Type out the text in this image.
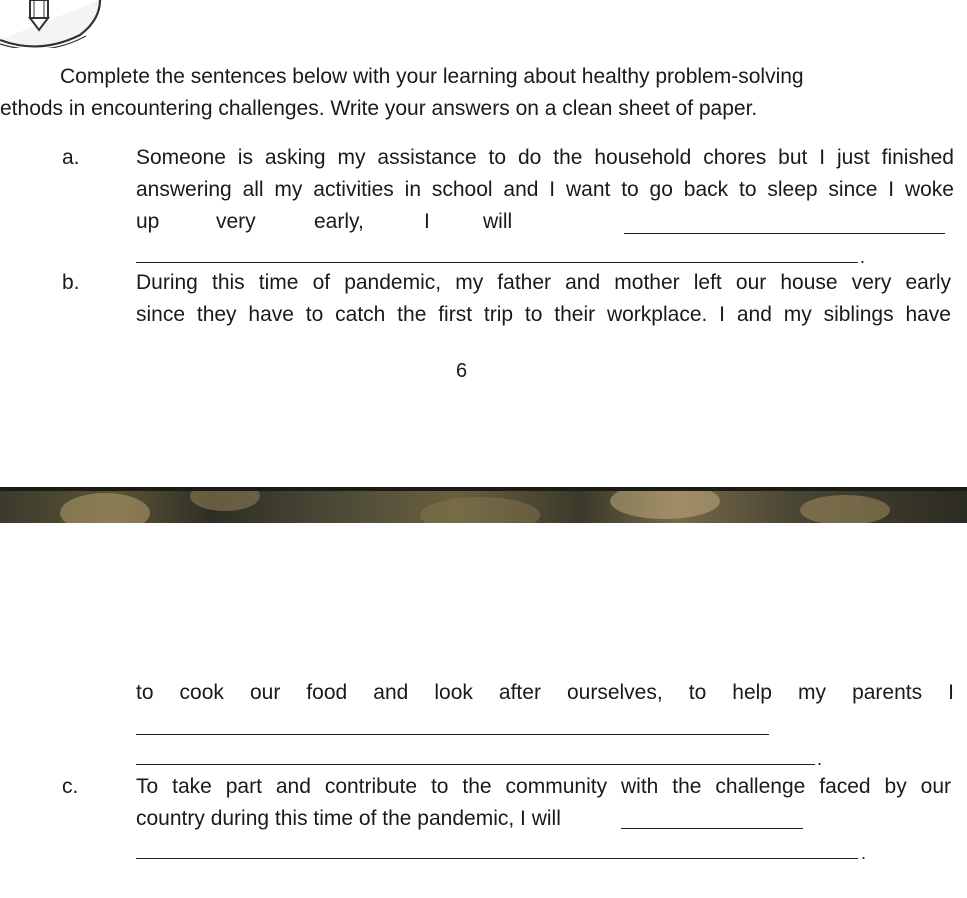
Complete the sentences below with your learning about healthy problem-solving
ethods in encountering challenges. Write your answers on a clean sheet of paper.
a.	Someone is asking my assistance to do the household chores but I just finished
answering all my activities in school and I want to go back to sleep since I woke
up	very	early,	I	will
.
b.	During this time of pandemic, my father and mother left our house very early
since they have to catch the first trip to their workplace. I and my siblings have
6
to cook our food and look after ourselves, to help my parents I
.
c.	To take part and contribute to the community with the challenge faced by our
country during this time of the pandemic, I will
.
